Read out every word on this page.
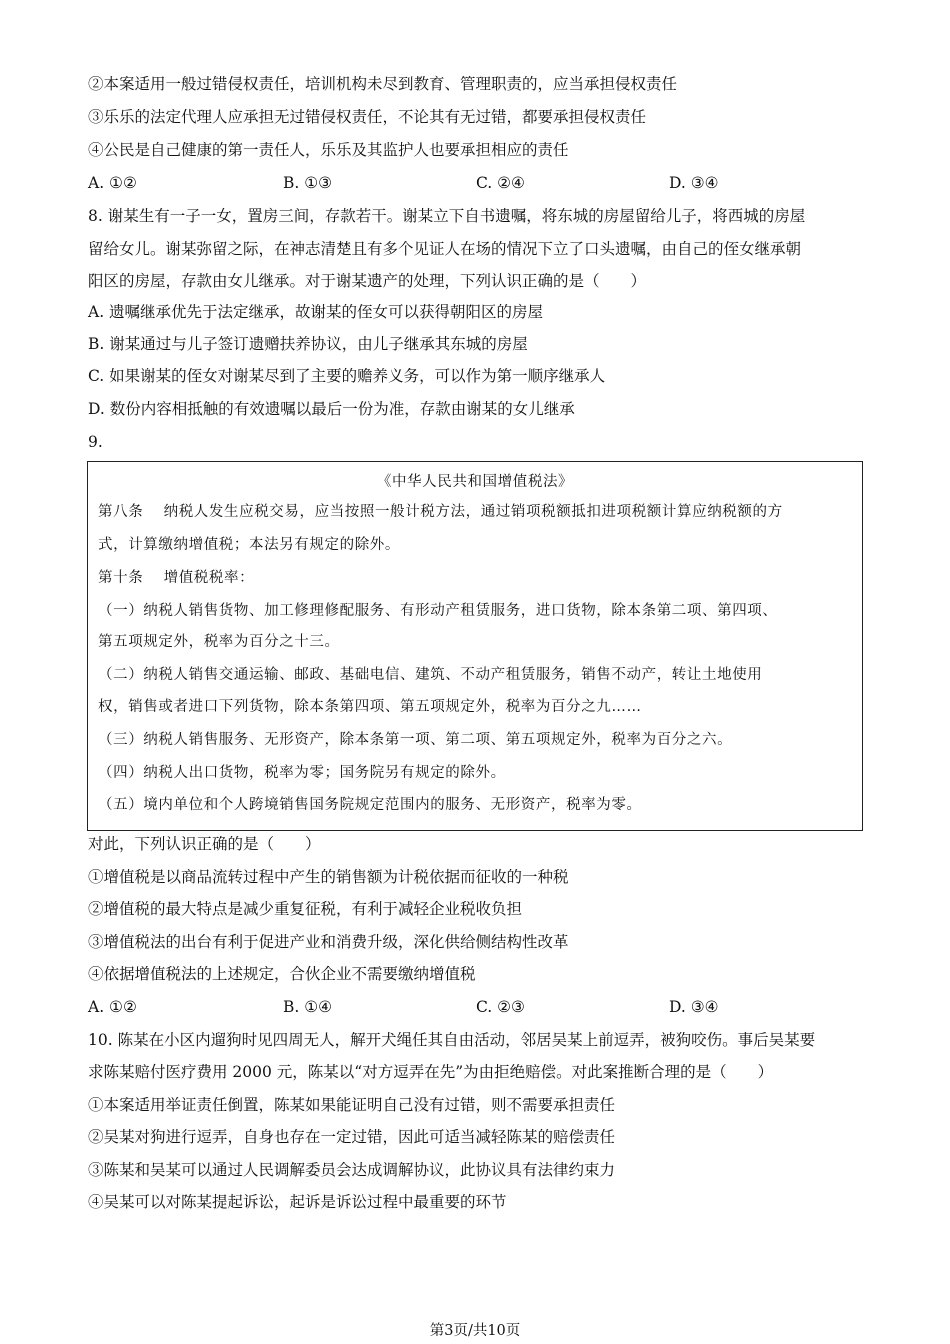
②本案适用一般过错侵权责任，培训机构未尽到教育、管理职责的，应当承担侵权责任
③乐乐的法定代理人应承担无过错侵权责任，不论其有无过错，都要承担侵权责任
④公民是自己健康的第一责任人，乐乐及其监护人也要承担相应的责任
A. ①②	B. ①③	C. ②④	D. ③④
8. 谢某生有一子一女，置房三间，存款若干。谢某立下自书遗嘱，将东城的房屋留给儿子，将西城的房屋
留给女儿。谢某弥留之际，在神志清楚且有多个见证人在场的情况下立了口头遗嘱，由自己的侄女继承朝
阳区的房屋，存款由女儿继承。对于谢某遗产的处理，下列认识正确的是（　　）
A. 遗嘱继承优先于法定继承，故谢某的侄女可以获得朝阳区的房屋
B. 谢某通过与儿子签订遗赠扶养协议，由儿子继承其东城的房屋
C. 如果谢某的侄女对谢某尽到了主要的赡养义务，可以作为第一顺序继承人
D. 数份内容相抵触的有效遗嘱以最后一份为准，存款由谢某的女儿继承
9.
《中华人民共和国增值税法》
第八条　 纳税人发生应税交易，应当按照一般计税方法，通过销项税额抵扣进项税额计算应纳税额的方
式，计算缴纳增值税；本法另有规定的除外。
第十条　 增值税税率：
（一）纳税人销售货物、加工修理修配服务、有形动产租赁服务，进口货物，除本条第二项、第四项、
第五项规定外，税率为百分之十三。
（二）纳税人销售交通运输、邮政、基础电信、建筑、不动产租赁服务，销售不动产，转让土地使用
权，销售或者进口下列货物，除本条第四项、第五项规定外，税率为百分之九……
（三）纳税人销售服务、无形资产，除本条第一项、第二项、第五项规定外，税率为百分之六。
（四）纳税人出口货物，税率为零；国务院另有规定的除外。
（五）境内单位和个人跨境销售国务院规定范围内的服务、无形资产，税率为零。
对此，下列认识正确的是（　　）
①增值税是以商品流转过程中产生的销售额为计税依据而征收的一种税
②增值税的最大特点是减少重复征税，有利于减轻企业税收负担
③增值税法的出台有利于促进产业和消费升级，深化供给侧结构性改革
④依据增值税法的上述规定，合伙企业不需要缴纳增值税
A. ①②	B. ①④	C. ②③	D. ③④
10. 陈某在小区内遛狗时见四周无人，解开犬绳任其自由活动，邻居吴某上前逗弄，被狗咬伤。事后吴某要
求陈某赔付医疗费用 2000 元，陈某以“对方逗弄在先”为由拒绝赔偿。对此案推断合理的是（　　）
①本案适用举证责任倒置，陈某如果能证明自己没有过错，则不需要承担责任
②吴某对狗进行逗弄，自身也存在一定过错，因此可适当减轻陈某的赔偿责任
③陈某和吴某可以通过人民调解委员会达成调解协议，此协议具有法律约束力
④吴某可以对陈某提起诉讼，起诉是诉讼过程中最重要的环节
第3页/共10页
